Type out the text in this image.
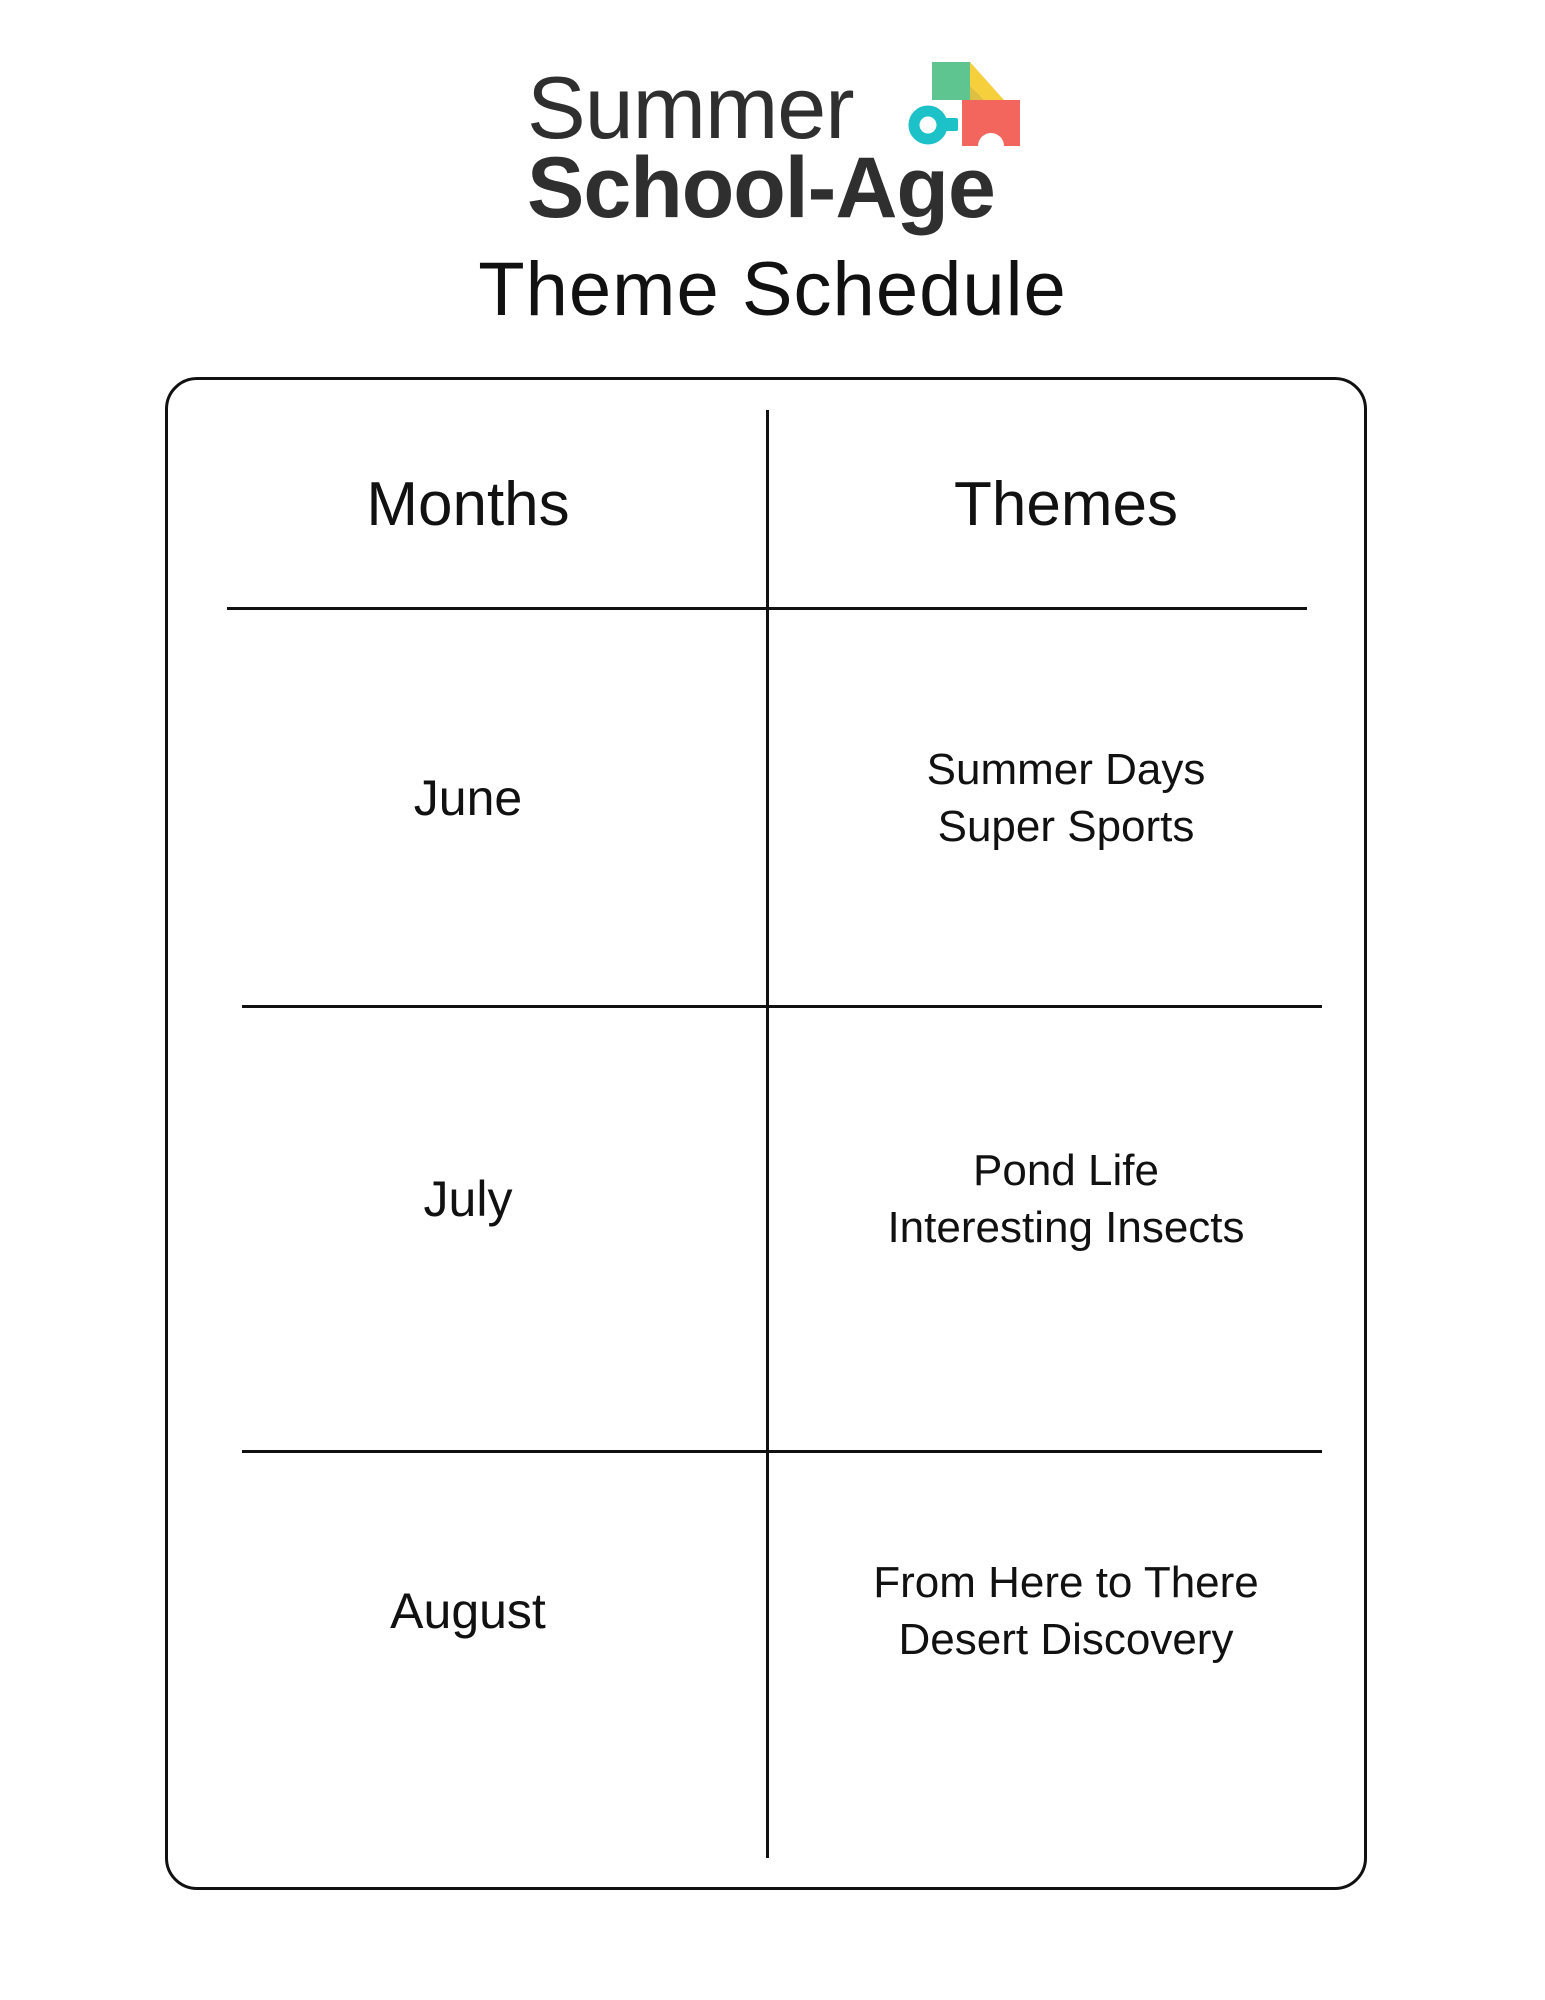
Summer
School-Age
Theme Schedule
Months	Themes
June
Summer Days
Super Sports
July
Pond Life
Interesting Insects
August
From Here to There
Desert Discovery
